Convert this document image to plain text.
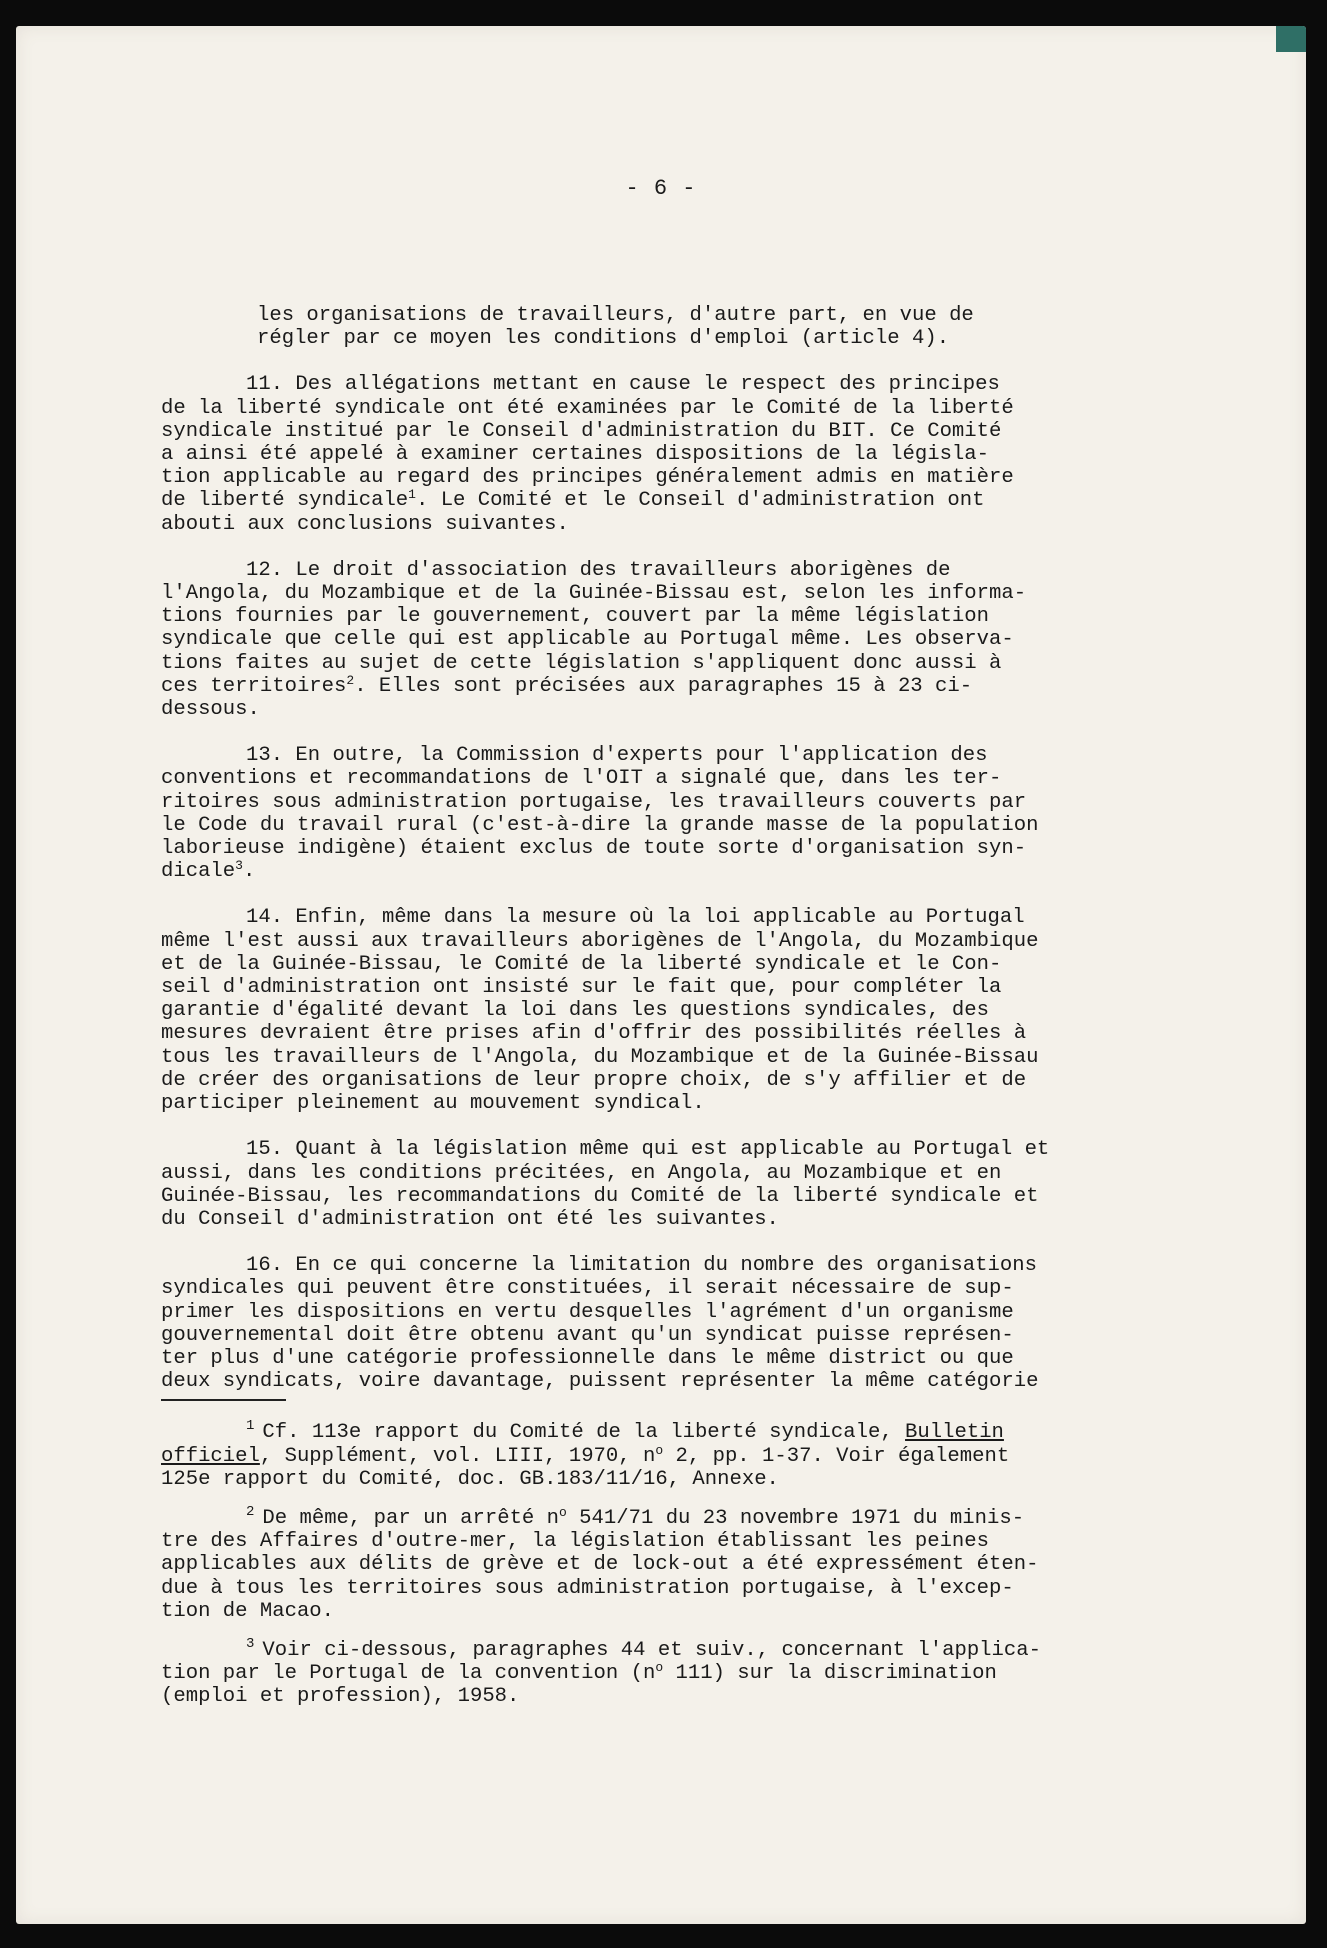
- 6 -
les organisations de travailleurs, d'autre part, en vue de
régler par ce moyen les conditions d'emploi (article 4).
11. Des allégations mettant en cause le respect des principes
de la liberté syndicale ont été examinées par le Comité de la liberté
syndicale institué par le Conseil d'administration du BIT. Ce Comité
a ainsi été appelé à examiner certaines dispositions de la législa-
tion applicable au regard des principes généralement admis en matière
de liberté syndicale$^1$. Le Comité et le Conseil d'administration ont
abouti aux conclusions suivantes.
12. Le droit d'association des travailleurs aborigènes de
l'Angola, du Mozambique et de la Guinée-Bissau est, selon les informa-
tions fournies par le gouvernement, couvert par la même législation
syndicale que celle qui est applicable au Portugal même. Les observa-
tions faites au sujet de cette législation s'appliquent donc aussi à
ces territoires$^2$. Elles sont précisées aux paragraphes 15 à 23 ci-
dessous.
13. En outre, la Commission d'experts pour l'application des
conventions et recommandations de l'OIT a signalé que, dans les ter-
ritoires sous administration portugaise, les travailleurs couverts par
le Code du travail rural (c'est-à-dire la grande masse de la population
laborieuse indigène) étaient exclus de toute sorte d'organisation syn-
dicale$^3$.
14. Enfin, même dans la mesure où la loi applicable au Portugal
même l'est aussi aux travailleurs aborigènes de l'Angola, du Mozambique
et de la Guinée-Bissau, le Comité de la liberté syndicale et le Con-
seil d'administration ont insisté sur le fait que, pour compléter la
garantie d'égalité devant la loi dans les questions syndicales, des
mesures devraient être prises afin d'offrir des possibilités réelles à
tous les travailleurs de l'Angola, du Mozambique et de la Guinée-Bissau
de créer des organisations de leur propre choix, de s'y affilier et de
participer pleinement au mouvement syndical.
15. Quant à la législation même qui est applicable au Portugal et
aussi, dans les conditions précitées, en Angola, au Mozambique et en
Guinée-Bissau, les recommandations du Comité de la liberté syndicale et
du Conseil d'administration ont été les suivantes.
16. En ce qui concerne la limitation du nombre des organisations
syndicales qui peuvent être constituées, il serait nécessaire de sup-
primer les dispositions en vertu desquelles l'agrément d'un organisme
gouvernemental doit être obtenu avant qu'un syndicat puisse représen-
ter plus d'une catégorie professionnelle dans le même district ou que
deux syndicats, voire davantage, puissent représenter la même catégorie
$^1$ Cf. 113e rapport du Comité de la liberté syndicale, Bulletin
officiel, Supplément, vol. LIII, 1970, $n^o$ 2, pp. 1-37. Voir également
125e rapport du Comité, doc. GB.183/11/16, Annexe.
$^2$ De même, par un arrêté $n^o$ 541/71 du 23 novembre 1971 du minis-
tre des Affaires d'outre-mer, la législation établissant les peines
applicables aux délits de grève et de lock-out a été expressément éten-
due à tous les territoires sous administration portugaise, à l'excep-
tion de Macao.
$^3$ Voir ci-dessous, paragraphes 44 et suiv., concernant l'applica-
tion par le Portugal de la convention ($n^o$ 111) sur la discrimination
(emploi et profession), 1958.
